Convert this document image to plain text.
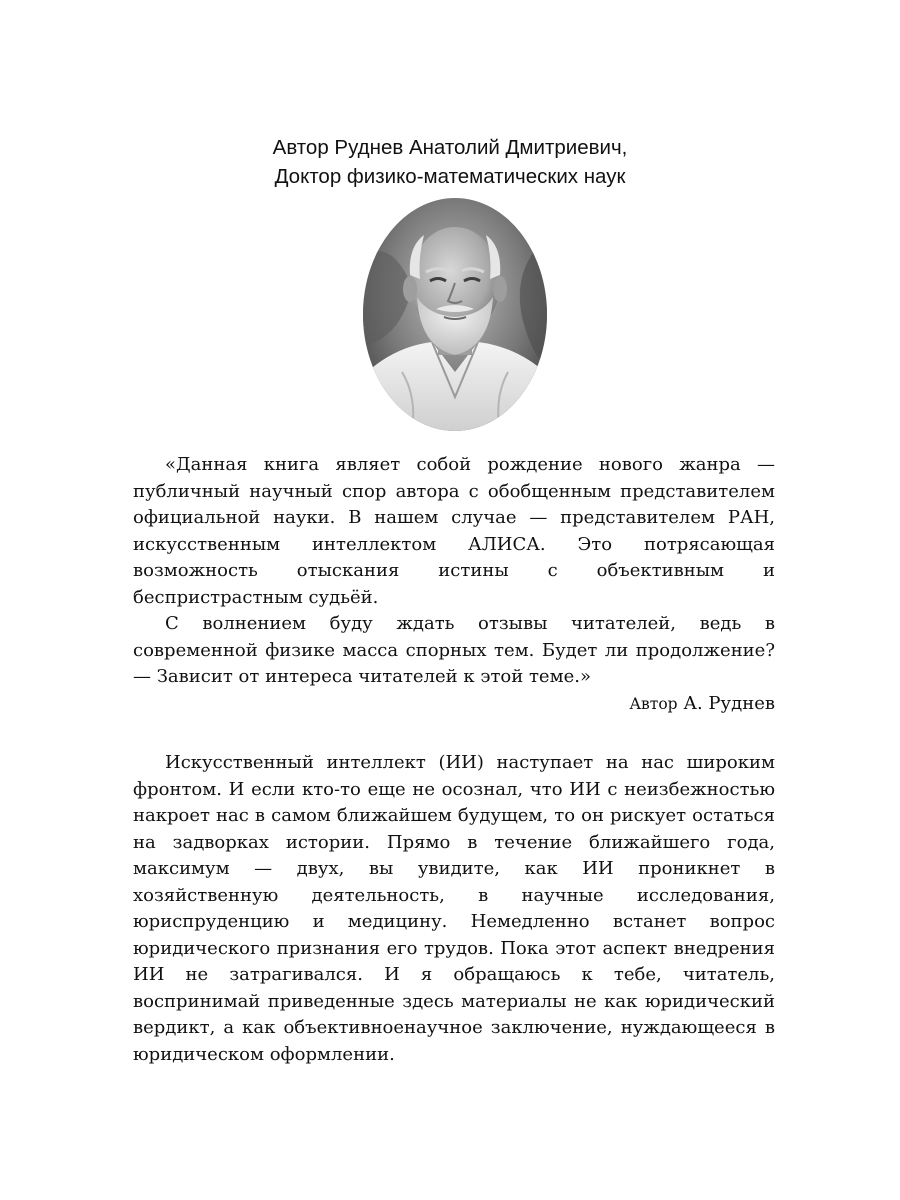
Автор Руднев Анатолий Дмитриевич,
Доктор физико-математических наук

«Данная книга являет собой рождение нового жанра — публичный научный спор автора с обобщенным представителем официальной науки. В нашем случае — представителем РАН, искусственным интеллектом АЛИСА. Это потрясающая возможность отыскания истины с объективным и беспристрастным судьёй.

С волнением буду ждать отзывы читателей, ведь в современной физике масса спорных тем. Будет ли продолжение? — Зависит от интереса читателей к этой теме.»

Автор А. Руднев

Искусственный интеллект (ИИ) наступает на нас широким фронтом. И если кто-то еще не осознал, что ИИ с неизбежностью накроет нас в самом ближайшем будущем, то он рискует остаться на задворках истории. Прямо в течение ближайшего года, максимум — двух, вы увидите, как ИИ проникнет в хозяйственную деятельность, в научные исследования, юриспруденцию и медицину. Немедленно встанет вопрос юридического признания его трудов. Пока этот аспект внедрения ИИ не затрагивался. И я обращаюсь к тебе, читатель, воспринимай приведенные здесь материалы не как юридический вердикт, а как объективноенаучное заключение, нуждающееся в юридическом оформлении.
